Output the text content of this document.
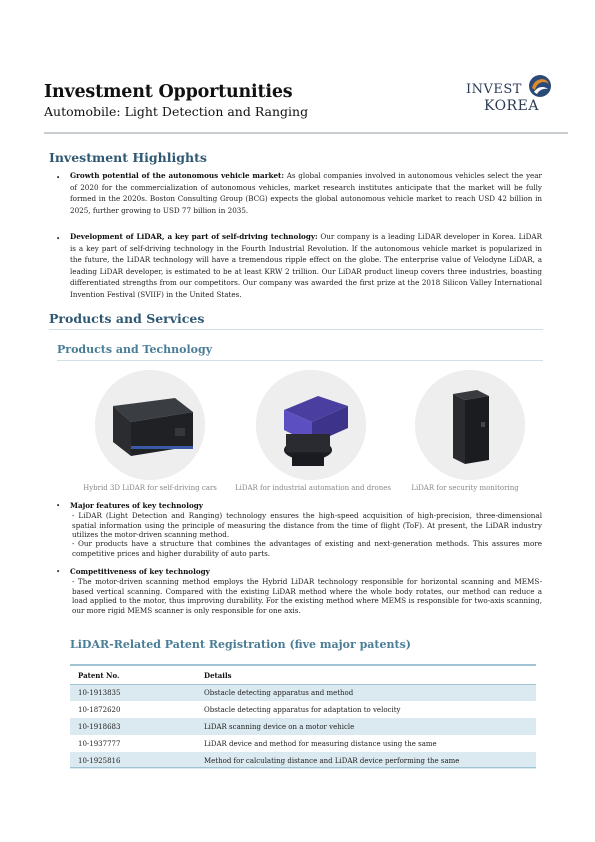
Investment Opportunities
Automobile: Light Detection and Ranging
INVEST
KOREA
Investment Highlights
• Growth potential of the autonomous vehicle market: As global companies involved in autonomous vehicles select the year of 2020 for the commercialization of autonomous vehicles, market research institutes anticipate that the market will be fully formed in the 2020s. Boston Consulting Group (BCG) expects the global autonomous vehicle market to reach USD 42 billion in 2025, further growing to USD 77 billion in 2035.
• Development of LiDAR, a key part of self-driving technology: Our company is a leading LiDAR developer in Korea. LiDAR is a key part of self-driving technology in the Fourth Industrial Revolution. If the autonomous vehicle market is popularized in the future, the LiDAR technology will have a tremendous ripple effect on the globe. The enterprise value of Velodyne LiDAR, a leading LiDAR developer, is estimated to be at least KRW 2 trillion. Our LiDAR product lineup covers three industries, boasting differentiated strengths from our competitors. Our company was awarded the first prize at the 2018 Silicon Valley International Invention Festival (SVIIF) in the United States.
Products and Services
Products and Technology
Hybrid 3D LiDAR for self-driving cars	LiDAR for industrial automation and drones	LiDAR for security monitoring
• Major features of key technology
- LiDAR (Light Detection and Ranging) technology ensures the high-speed acquisition of high-precision, three-dimensional spatial information using the principle of measuring the distance from the time of flight (ToF). At present, the LiDAR industry utilizes the motor-driven scanning method.
- Our products have a structure that combines the advantages of existing and next-generation methods. This assures more competitive prices and higher durability of auto parts.
• Competitiveness of key technology
- The motor-driven scanning method employs the Hybrid LiDAR technology responsible for horizontal scanning and MEMS-based vertical scanning. Compared with the existing LiDAR method where the whole body rotates, our method can reduce a load applied to the motor, thus improving durability. For the existing method where MEMS is responsible for two-axis scanning, our more rigid MEMS scanner is only responsible for one axis.
LiDAR-Related Patent Registration (five major patents)
Patent No.	Details
10-1913835	Obstacle detecting apparatus and method
10-1872620	Obstacle detecting apparatus for adaptation to velocity
10-1918683	LiDAR scanning device on a motor vehicle
10-1937777	LiDAR device and method for measuring distance using the same
10-1925816	Method for calculating distance and LiDAR device performing the same
